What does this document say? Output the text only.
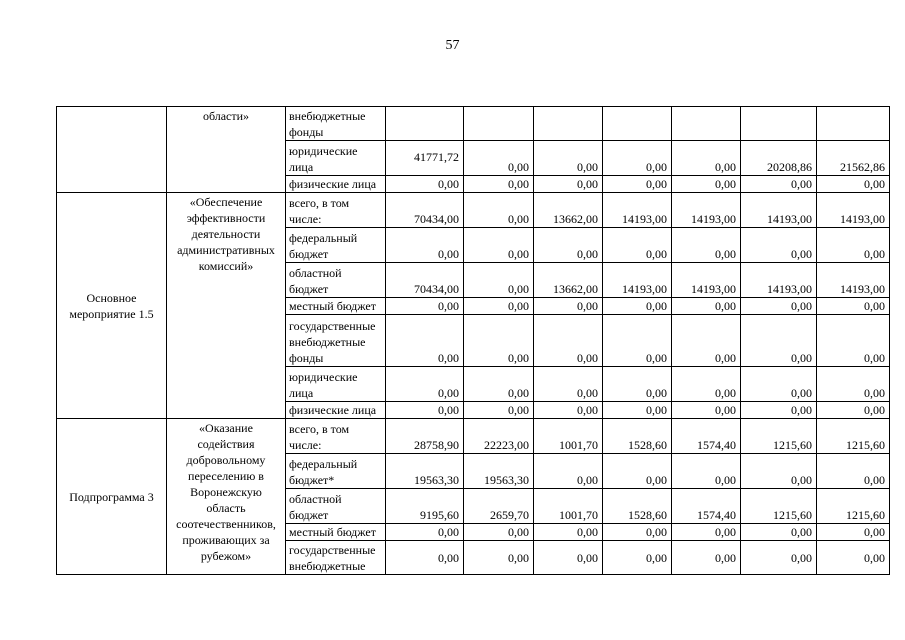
57
	области»	внебюджетные фонды							
		юридические лица	41771,72	0,00	0,00	0,00	0,00	20208,86	21562,86
		физические лица	0,00	0,00	0,00	0,00	0,00	0,00	0,00
Основное мероприятие 1.5	«Обеспечение эффективности деятельности административных комиссий»	всего, в том числе:	70434,00	0,00	13662,00	14193,00	14193,00	14193,00	14193,00
		федеральный бюджет	0,00	0,00	0,00	0,00	0,00	0,00	0,00
		областной бюджет	70434,00	0,00	13662,00	14193,00	14193,00	14193,00	14193,00
		местный бюджет	0,00	0,00	0,00	0,00	0,00	0,00	0,00
		государственные внебюджетные фонды	0,00	0,00	0,00	0,00	0,00	0,00	0,00
		юридические лица	0,00	0,00	0,00	0,00	0,00	0,00	0,00
		физические лица	0,00	0,00	0,00	0,00	0,00	0,00	0,00
Подпрограмма 3	«Оказание содействия добровольному переселению в Воронежскую область соотечественников, проживающих за рубежом»	всего, в том числе:	28758,90	22223,00	1001,70	1528,60	1574,40	1215,60	1215,60
		федеральный бюджет*	19563,30	19563,30	0,00	0,00	0,00	0,00	0,00
		областной бюджет	9195,60	2659,70	1001,70	1528,60	1574,40	1215,60	1215,60
		местный бюджет	0,00	0,00	0,00	0,00	0,00	0,00	0,00
		государственные внебюджетные	0,00	0,00	0,00	0,00	0,00	0,00	0,00
